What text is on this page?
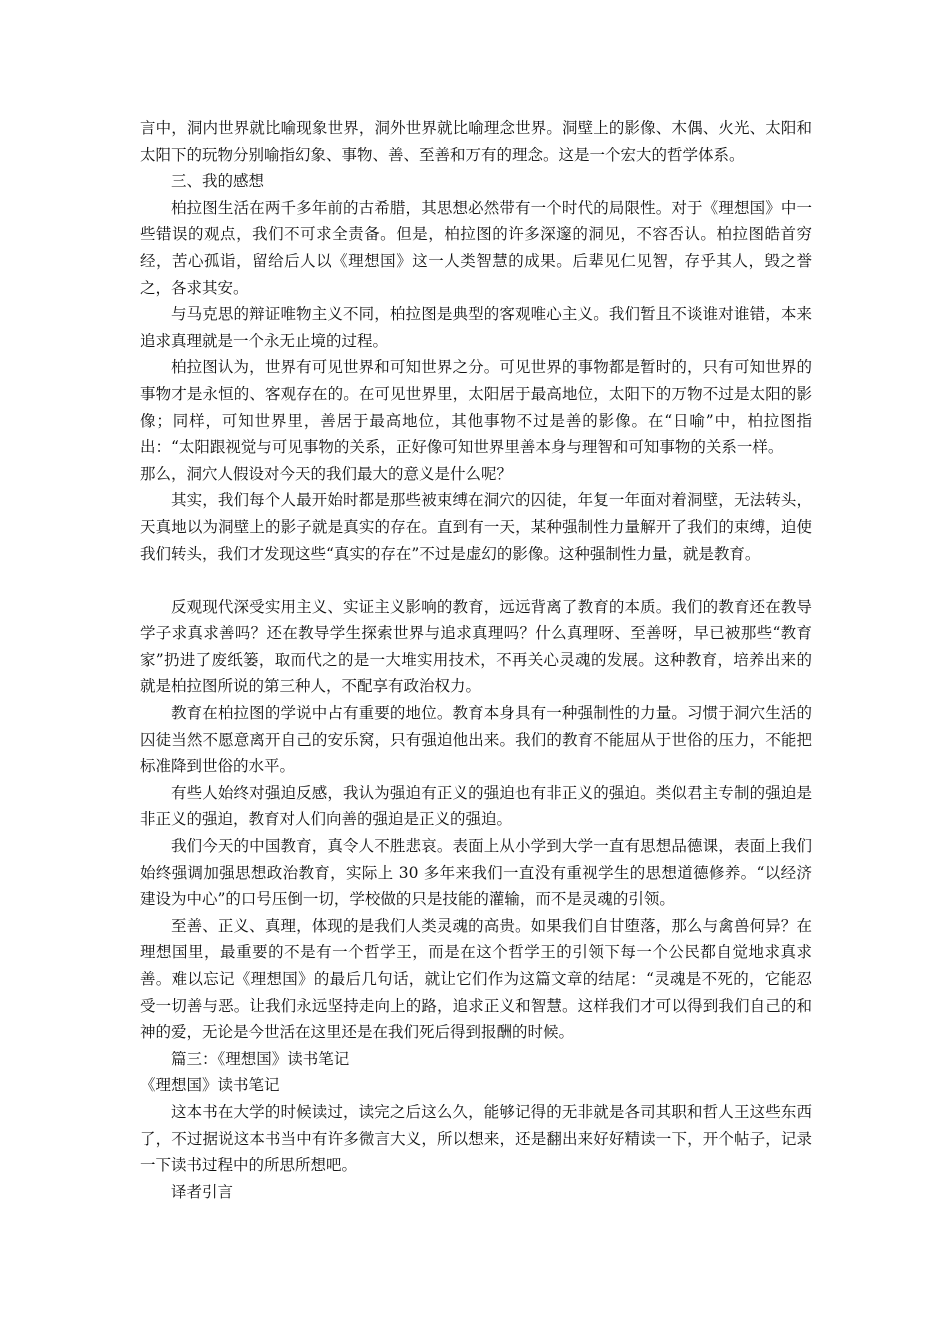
言中，洞内世界就比喻现象世界，洞外世界就比喻理念世界。洞壁上的影像、木偶、火光、太阳和太阳下的玩物分别喻指幻象、事物、善、至善和万有的理念。这是一个宏大的哲学体系。

三、我的感想

柏拉图生活在两千多年前的古希腊，其思想必然带有一个时代的局限性。对于《理想国》中一些错误的观点，我们不可求全责备。但是，柏拉图的许多深邃的洞见，不容否认。柏拉图皓首穷经，苦心孤诣，留给后人以《理想国》这一人类智慧的成果。后辈见仁见智，存乎其人，毁之誉之，各求其安。

与马克思的辩证唯物主义不同，柏拉图是典型的客观唯心主义。我们暂且不谈谁对谁错，本来追求真理就是一个永无止境的过程。

柏拉图认为，世界有可见世界和可知世界之分。可见世界的事物都是暂时的，只有可知世界的事物才是永恒的、客观存在的。在可见世界里，太阳居于最高地位，太阳下的万物不过是太阳的影像；同样，可知世界里，善居于最高地位，其他事物不过是善的影像。在“日喻”中，柏拉图指出：“太阳跟视觉与可见事物的关系，正好像可知世界里善本身与理智和可知事物的关系一样。

那么，洞穴人假设对今天的我们最大的意义是什么呢？

其实，我们每个人最开始时都是那些被束缚在洞穴的囚徒，年复一年面对着洞壁，无法转头，天真地以为洞壁上的影子就是真实的存在。直到有一天，某种强制性力量解开了我们的束缚，迫使我们转头，我们才发现这些“真实的存在”不过是虚幻的影像。这种强制性力量，就是教育。

反观现代深受实用主义、实证主义影响的教育，远远背离了教育的本质。我们的教育还在教导学子求真求善吗？还在教导学生探索世界与追求真理吗？什么真理呀、至善呀，早已被那些“教育家”扔进了废纸篓，取而代之的是一大堆实用技术，不再关心灵魂的发展。这种教育，培养出来的就是柏拉图所说的第三种人，不配享有政治权力。

教育在柏拉图的学说中占有重要的地位。教育本身具有一种强制性的力量。习惯于洞穴生活的囚徒当然不愿意离开自己的安乐窝，只有强迫他出来。我们的教育不能屈从于世俗的压力，不能把标准降到世俗的水平。

有些人始终对强迫反感，我认为强迫有正义的强迫也有非正义的强迫。类似君主专制的强迫是非正义的强迫，教育对人们向善的强迫是正义的强迫。

我们今天的中国教育，真令人不胜悲哀。表面上从小学到大学一直有思想品德课，表面上我们始终强调加强思想政治教育，实际上 30 多年来我们一直没有重视学生的思想道德修养。“以经济建设为中心”的口号压倒一切，学校做的只是技能的灌输，而不是灵魂的引领。

至善、正义、真理，体现的是我们人类灵魂的高贵。如果我们自甘堕落，那么与禽兽何异？在理想国里，最重要的不是有一个哲学王，而是在这个哲学王的引领下每一个公民都自觉地求真求善。难以忘记《理想国》的最后几句话，就让它们作为这篇文章的结尾：“灵魂是不死的，它能忍受一切善与恶。让我们永远坚持走向上的路，追求正义和智慧。这样我们才可以得到我们自己的和神的爱，无论是今世活在这里还是在我们死后得到报酬的时候。

篇三：《理想国》读书笔记

《理想国》读书笔记

这本书在大学的时候读过，读完之后这么久，能够记得的无非就是各司其职和哲人王这些东西了，不过据说这本书当中有许多微言大义，所以想来，还是翻出来好好精读一下，开个帖子，记录一下读书过程中的所思所想吧。

译者引言
